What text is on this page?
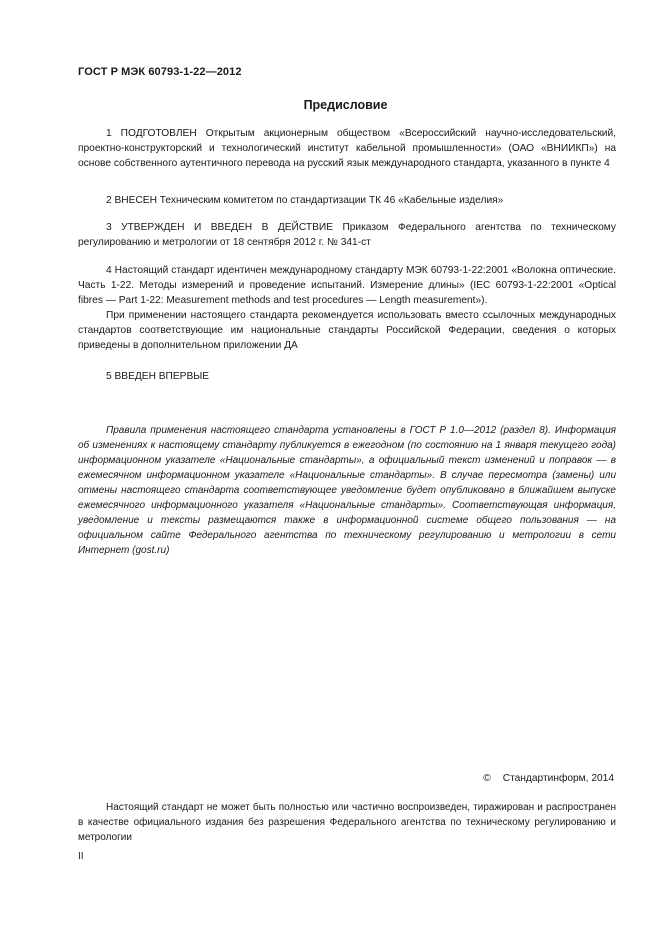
ГОСТ Р МЭК 60793-1-22—2012
Предисловие

1 ПОДГОТОВЛЕН Открытым акционерным обществом «Всероссийский научно-исследовательский, проектно-конструкторский и технологический институт кабельной промышленности» (ОАО «ВНИИКП») на основе собственного аутентичного перевода на русский язык международного стандарта, указанного в пункте 4

2 ВНЕСЕН Техническим комитетом по стандартизации ТК 46 «Кабельные изделия»

3 УТВЕРЖДЕН И ВВЕДЕН В ДЕЙСТВИЕ Приказом Федерального агентства по техническому регулированию и метрологии от 18 сентября 2012 г. № 341-ст

4 Настоящий стандарт идентичен международному стандарту МЭК 60793-1-22:2001 «Волокна оптические. Часть 1-22. Методы измерений и проведение испытаний. Измерение длины» (IEC 60793-1-22:2001 «Optical fibres — Part 1-22: Measurement methods and test procedures — Length measurement»).

При применении настоящего стандарта рекомендуется использовать вместо ссылочных международных стандартов соответствующие им национальные стандарты Российской Федерации, сведения о которых приведены в дополнительном приложении ДА

5 ВВЕДЕН ВПЕРВЫЕ

Правила применения настоящего стандарта установлены в ГОСТ Р 1.0—2012 (раздел 8). Информация об изменениях к настоящему стандарту публикуется в ежегодном (по состоянию на 1 января текущего года) информационном указателе «Национальные стандарты», а официальный текст изменений и поправок — в ежемесячном информационном указателе «Национальные стандарты». В случае пересмотра (замены) или отмены настоящего стандарта соответствующее уведомление будет опубликовано в ближайшем выпуске ежемесячного информационного указателя «Национальные стандарты». Соответствующая информация, уведомление и тексты размещаются также в информационной системе общего пользования — на официальном сайте Федерального агентства по техническому регулированию и метрологии в сети Интернет (gost.ru)

© Стандартинформ, 2014

Настоящий стандарт не может быть полностью или частично воспроизведен, тиражирован и распространен в качестве официального издания без разрешения Федерального агентства по техническому регулированию и метрологии

II
